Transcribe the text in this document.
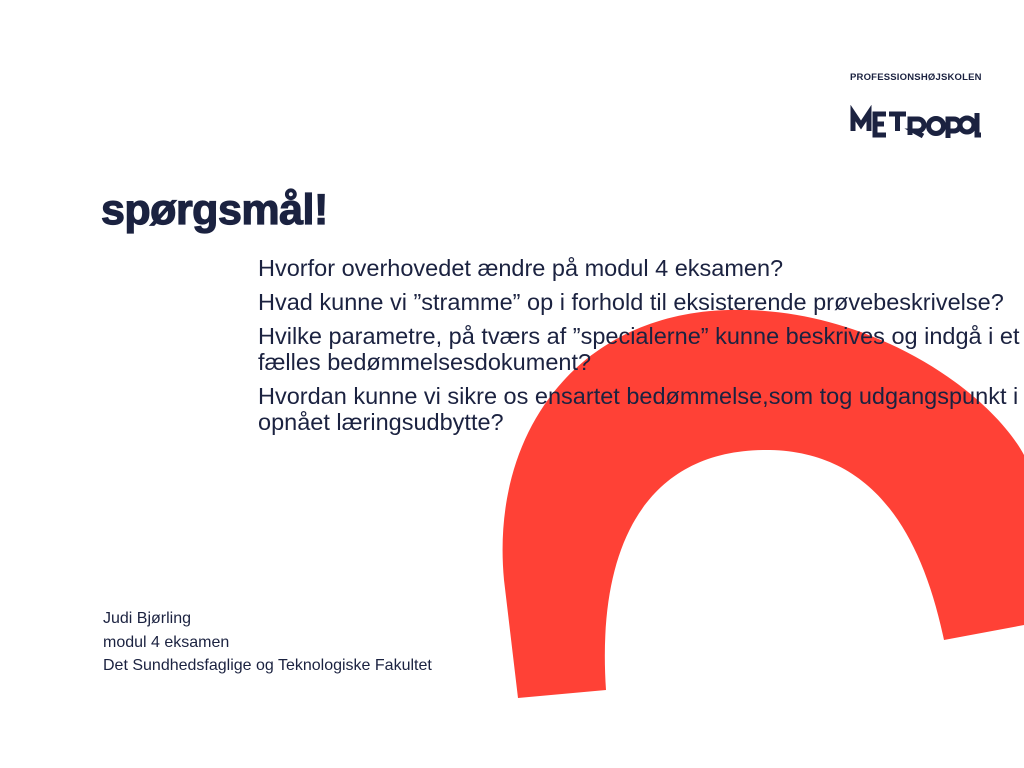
PROFESSIONSHØJSKOLEN
METROPOL
spørgsmål!
Hvorfor overhovedet ændre på modul 4 eksamen?
Hvad kunne vi ”stramme” op i forhold til eksisterende prøvebeskrivelse?
Hvilke parametre, på tværs af ”specialerne” kunne beskrives og indgå i et fælles bedømmelsesdokument?
Hvordan kunne vi sikre os ensartet bedømmelse,som tog udgangspunkt i opnået læringsudbytte?
Judi Bjørling
modul 4 eksamen
Det Sundhedsfaglige og Teknologiske Fakultet
